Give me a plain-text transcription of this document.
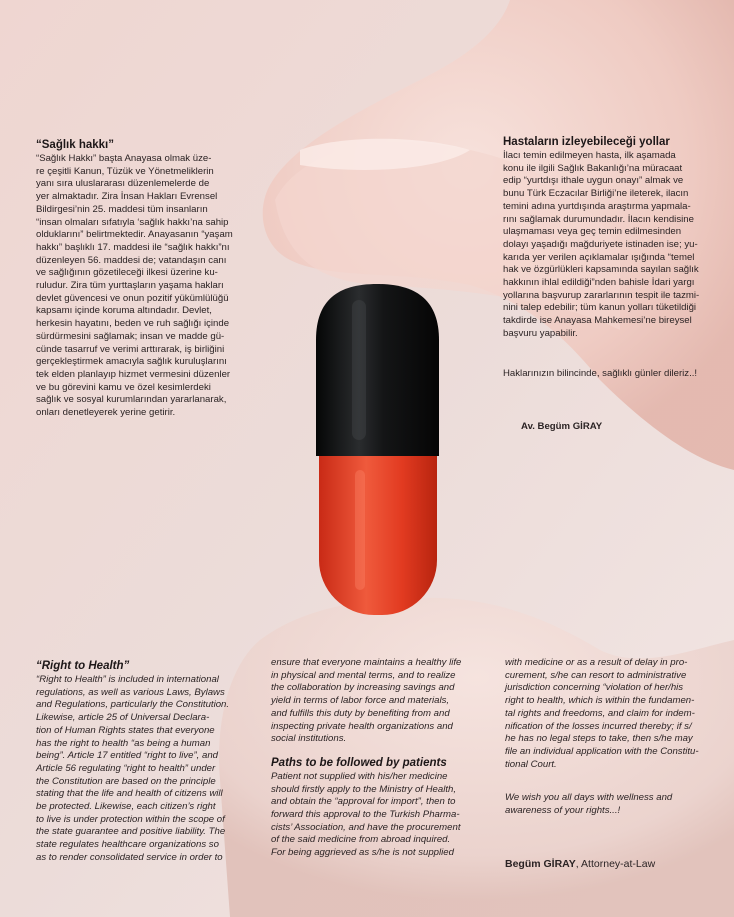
“Sağlık hakkı”

“Sağlık Hakkı” başta Anayasa olmak üze-
re çeşitli Kanun, Tüzük ve Yönetmeliklerin
yanı sıra uluslararası düzenlemelerde de
yer almaktadır. Zira İnsan Hakları Evrensel
Bildirgesi’nin 25. maddesi tüm insanların
“insan olmaları sıfatıyla ‘sağlık hakkı’na sahip
olduklarını” belirtmektedir. Anayasanın “yaşam
hakkı” başlıklı 17. maddesi ile “sağlık hakkı”nı
düzenleyen 56. maddesi de; vatandaşın canı
ve sağlığının gözetileceği ilkesi üzerine ku-
ruludur. Zira tüm yurttaşların yaşama hakları
devlet güvencesi ve onun pozitif yükümlülüğü
kapsamı içinde koruma altındadır. Devlet,
herkesin hayatını, beden ve ruh sağlığı içinde
sürdürmesini sağlamak; insan ve madde gü-
cünde tasarruf ve verimi arttırarak, iş birliğini
gerçekleştirmek amacıyla sağlık kuruluşlarını
tek elden planlayıp hizmet vermesini düzenler
ve bu görevini kamu ve özel kesimlerdeki
sağlık ve sosyal kurumlarından yararlanarak,
onları denetleyerek yerine getirir.

Hastaların izleyebileceği yollar

İlacı temin edilmeyen hasta, ilk aşamada
konu ile ilgili Sağlık Bakanlığı’na müracaat
edip “yurtdışı ithale uygun onayı” almak ve
bunu Türk Eczacılar Birliği’ne ileterek, ilacın
temini adına yurtdışında araştırma yapmala-
rını sağlamak durumundadır. İlacın kendisine
ulaşmaması veya geç temin edilmesinden
dolayı yaşadığı mağduriyete istinaden ise; yu-
karıda yer verilen açıklamalar ışığında “temel
hak ve özgürlükleri kapsamında sayılan sağlık
hakkının ihlal edildiği”nden bahisle İdari yargı
yollarına başvurup zararlarının tespit ile tazmi-
nini talep edebilir; tüm kanun yolları tüketildiği
takdirde ise Anayasa Mahkemesi’ne bireysel
başvuru yapabilir.

Haklarınızın bilincinde, sağlıklı günler dileriz..!
Av. Begüm GİRAY
“Right to Health”

“Right to Health” is included in international
regulations, as well as various Laws, Bylaws
and Regulations, particularly the Constitution.
Likewise, article 25 of Universal Declara-
tion of Human Rights states that everyone
has the right to health “as being a human
being”. Article 17 entitled “right to live”, and
Article 56 regulating “right to health” under
the Constitution are based on the principle
stating that the life and health of citizens will
be protected. Likewise, each citizen’s right
to live is under protection within the scope of
the state guarantee and positive liability. The
state regulates healthcare organizations so
as to render consolidated service in order to

ensure that everyone maintains a healthy life
in physical and mental terms, and to realize
the collaboration by increasing savings and
yield in terms of labor force and materials,
and fulfills this duty by benefiting from and
inspecting private health organizations and
social institutions.

Paths to be followed by patients

Patient not supplied with his/her medicine
should firstly apply to the Ministry of Health,
and obtain the “approval for import”, then to
forward this approval to the Turkish Pharma-
cists’ Association, and have the procurement
of the said medicine from abroad inquired.
For being aggrieved as s/he is not supplied

with medicine or as a result of delay in pro-
curement, s/he can resort to administrative
jurisdiction concerning “violation of her/his
right to health, which is within the fundamen-
tal rights and freedoms, and claim for indem-
nification of the losses incurred thereby; if s/
he has no legal steps to take, then s/he may
file an individual application with the Constitu-
tional Court.

We wish you all days with wellness and
awareness of your rights...!

Begüm GİRAY, Attorney-at-Law
